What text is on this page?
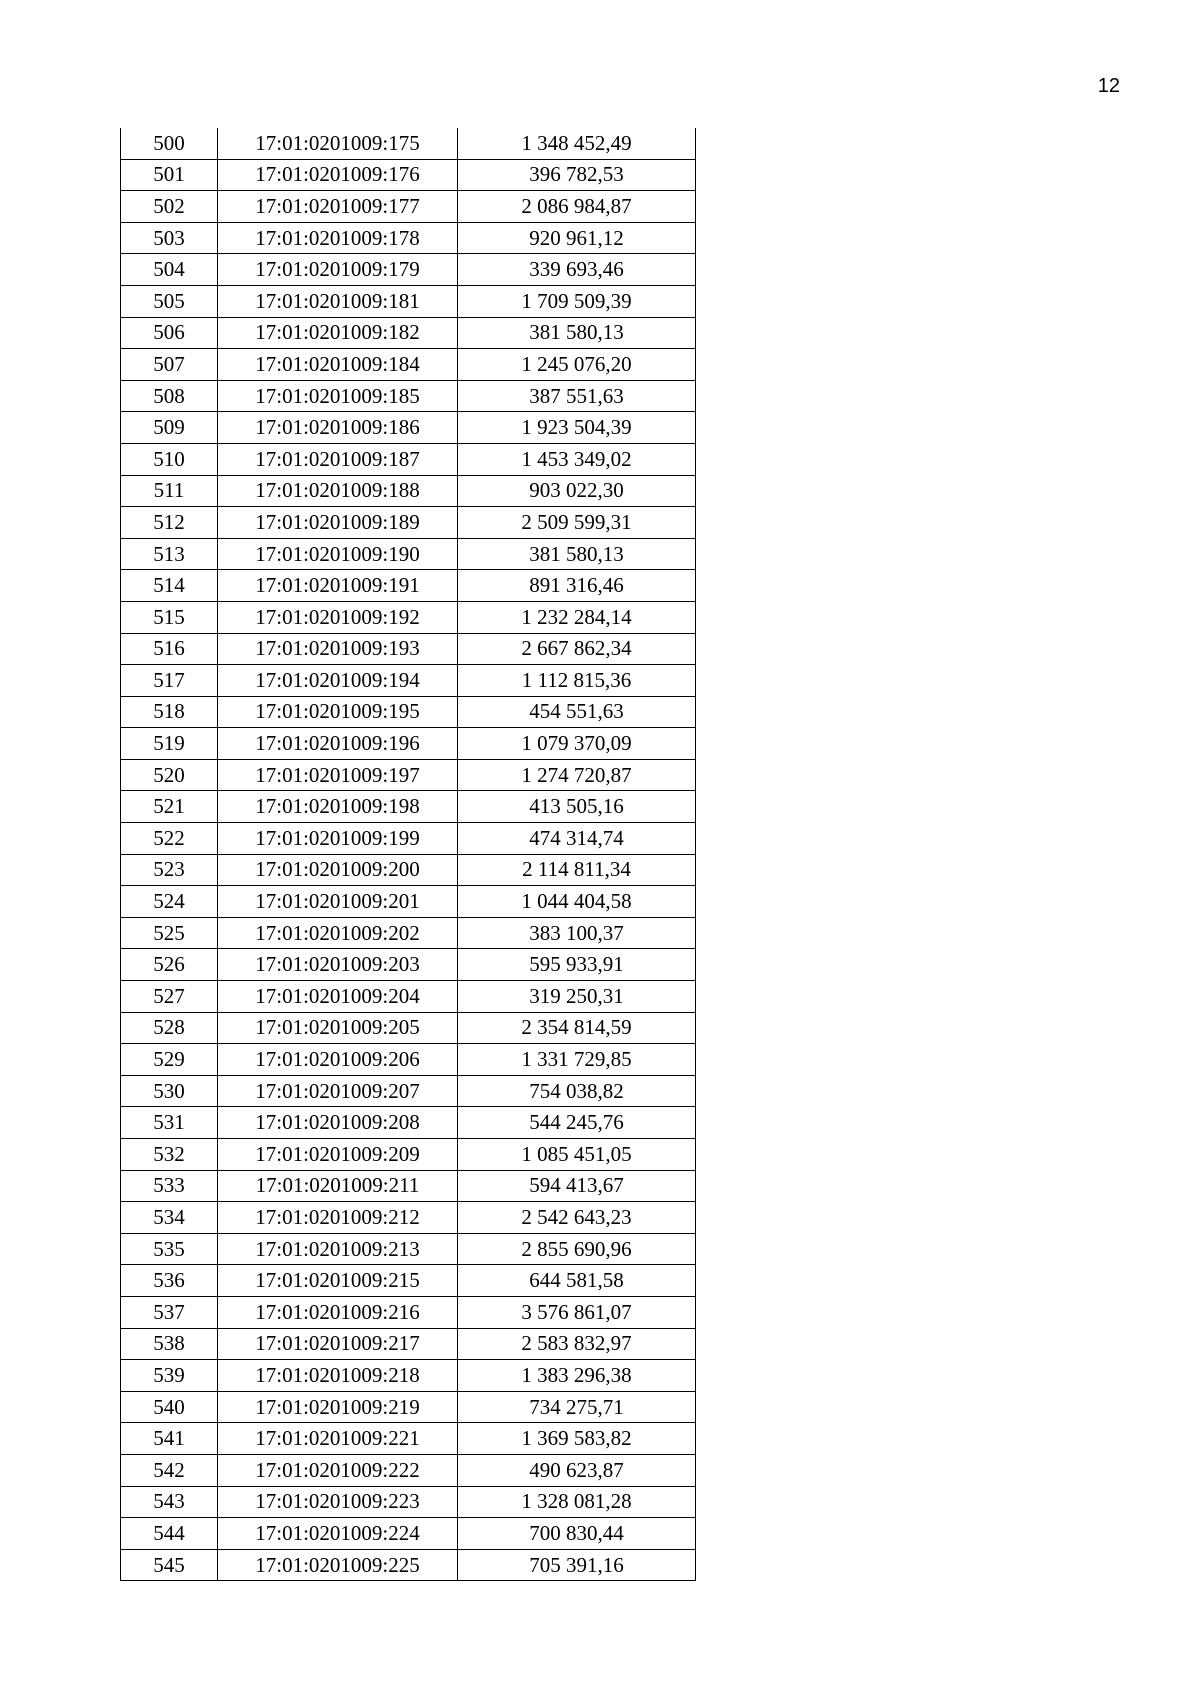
12
500	17:01:0201009:175	1 348 452,49
501	17:01:0201009:176	396 782,53
502	17:01:0201009:177	2 086 984,87
503	17:01:0201009:178	920 961,12
504	17:01:0201009:179	339 693,46
505	17:01:0201009:181	1 709 509,39
506	17:01:0201009:182	381 580,13
507	17:01:0201009:184	1 245 076,20
508	17:01:0201009:185	387 551,63
509	17:01:0201009:186	1 923 504,39
510	17:01:0201009:187	1 453 349,02
511	17:01:0201009:188	903 022,30
512	17:01:0201009:189	2 509 599,31
513	17:01:0201009:190	381 580,13
514	17:01:0201009:191	891 316,46
515	17:01:0201009:192	1 232 284,14
516	17:01:0201009:193	2 667 862,34
517	17:01:0201009:194	1 112 815,36
518	17:01:0201009:195	454 551,63
519	17:01:0201009:196	1 079 370,09
520	17:01:0201009:197	1 274 720,87
521	17:01:0201009:198	413 505,16
522	17:01:0201009:199	474 314,74
523	17:01:0201009:200	2 114 811,34
524	17:01:0201009:201	1 044 404,58
525	17:01:0201009:202	383 100,37
526	17:01:0201009:203	595 933,91
527	17:01:0201009:204	319 250,31
528	17:01:0201009:205	2 354 814,59
529	17:01:0201009:206	1 331 729,85
530	17:01:0201009:207	754 038,82
531	17:01:0201009:208	544 245,76
532	17:01:0201009:209	1 085 451,05
533	17:01:0201009:211	594 413,67
534	17:01:0201009:212	2 542 643,23
535	17:01:0201009:213	2 855 690,96
536	17:01:0201009:215	644 581,58
537	17:01:0201009:216	3 576 861,07
538	17:01:0201009:217	2 583 832,97
539	17:01:0201009:218	1 383 296,38
540	17:01:0201009:219	734 275,71
541	17:01:0201009:221	1 369 583,82
542	17:01:0201009:222	490 623,87
543	17:01:0201009:223	1 328 081,28
544	17:01:0201009:224	700 830,44
545	17:01:0201009:225	705 391,16
